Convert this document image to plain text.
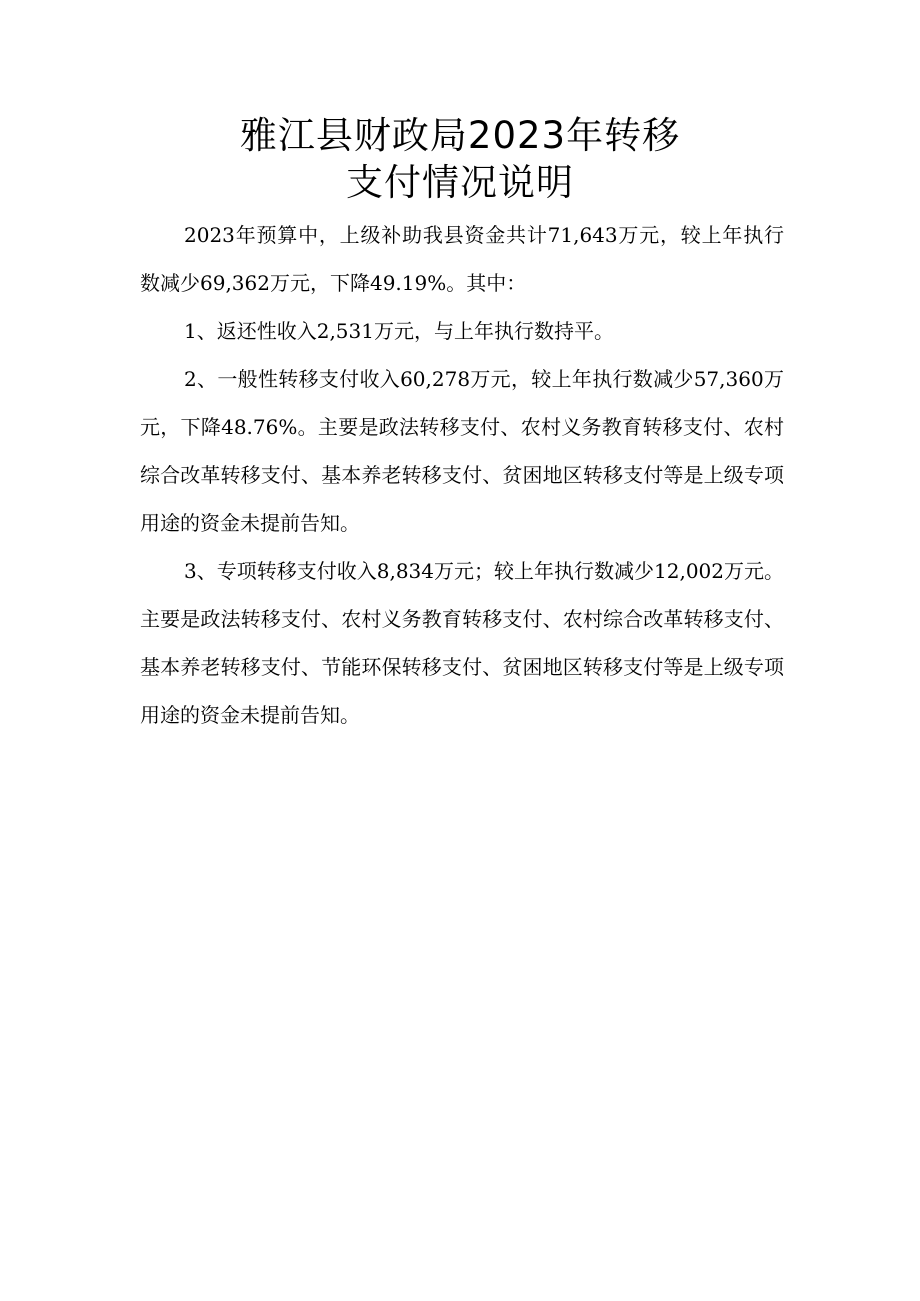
雅江县财政局2023年转移
支付情况说明

2023年预算中，上级补助我县资金共计71,643万元，较上年执行数减少69,362万元，下降49.19%。其中：

1、返还性收入2,531万元，与上年执行数持平。

2、一般性转移支付收入60,278万元，较上年执行数减少57,360万元，下降48.76%。主要是政法转移支付、农村义务教育转移支付、农村综合改革转移支付、基本养老转移支付、贫困地区转移支付等是上级专项用途的资金未提前告知。

3、专项转移支付收入8,834万元；较上年执行数减少12,002万元。主要是政法转移支付、农村义务教育转移支付、农村综合改革转移支付、基本养老转移支付、节能环保转移支付、贫困地区转移支付等是上级专项用途的资金未提前告知。
